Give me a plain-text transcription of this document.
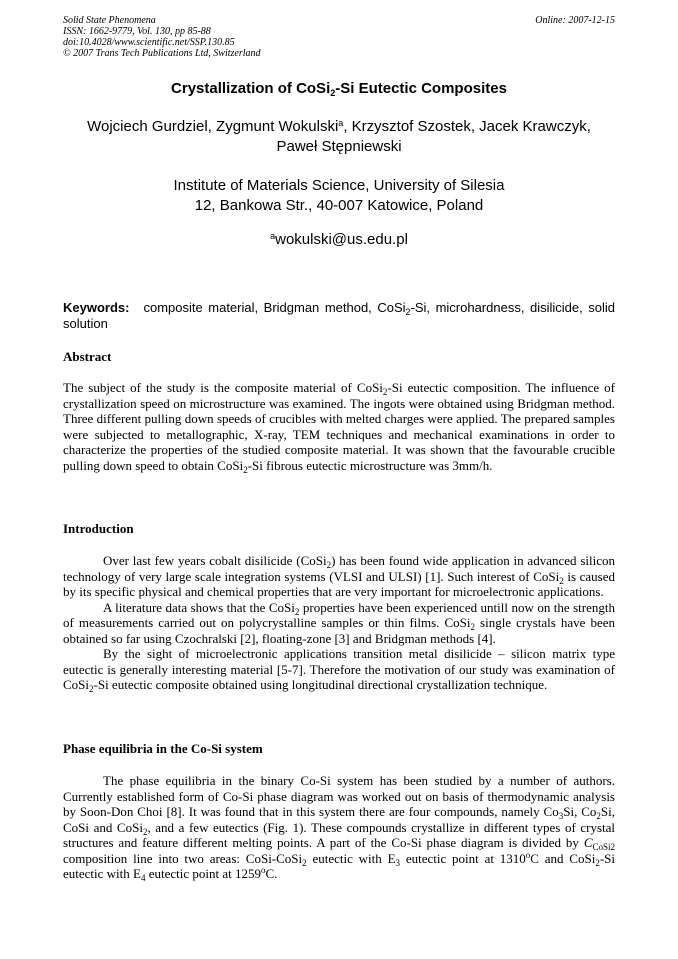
Solid State Phenomena
ISSN: 1662-9779, Vol. 130, pp 85-88
doi:10.4028/www.scientific.net/SSP.130.85
© 2007 Trans Tech Publications Ltd, Switzerland
Online: 2007-12-15
Crystallization of CoSi$_2$-Si Eutectic Composites
Wojciech Gurdziel, Zygmunt Wokulski$^a$, Krzysztof Szostek, Jacek Krawczyk,
Paweł Stępniewski
Institute of Materials Science, University of Silesia
12, Bankowa Str., 40-007 Katowice, Poland
$^a$wokulski@us.edu.pl
Keywords: composite material, Bridgman method, CoSi$_2$-Si, microhardness, disilicide, solid solution
Abstract

The subject of the study is the composite material of CoSi$_2$-Si eutectic composition. The influence of crystallization speed on microstructure was examined. The ingots were obtained using Bridgman method. Three different pulling down speeds of crucibles with melted charges were applied. The prepared samples were subjected to metallographic, X-ray, TEM techniques and mechanical examinations in order to characterize the properties of the studied composite material. It was shown that the favourable crucible pulling down speed to obtain CoSi$_2$-Si fibrous eutectic microstructure was 3mm/h.

Introduction

Over last few years cobalt disilicide (CoSi$_2$) has been found wide application in advanced silicon technology of very large scale integration systems (VLSI and ULSI) [1]. Such interest of CoSi$_2$ is caused by its specific physical and chemical properties that are very important for microelectronic applications.

A literature data shows that the CoSi$_2$ properties have been experienced untill now on the strength of measurements carried out on polycrystalline samples or thin films. CoSi$_2$ single crystals have been obtained so far using Czochralski [2], floating-zone [3] and Bridgman methods [4].

By the sight of microelectronic applications transition metal disilicide – silicon matrix type eutectic is generally interesting material [5-7]. Therefore the motivation of our study was examination of CoSi$_2$-Si eutectic composite obtained using longitudinal directional crystallization technique.

Phase equilibria in the Co-Si system

The phase equilibria in the binary Co-Si system has been studied by a number of authors. Currently established form of Co-Si phase diagram was worked out on basis of thermodynamic analysis by Soon-Don Choi [8]. It was found that in this system there are four compounds, namely $Co_3Si$, $Co_2Si$, CoSi and CoSi$_2$, and a few eutectics (Fig. 1). These compounds crystallize in different types of crystal structures and feature different melting points. A part of the Co-Si phase diagram is divided by $C_{CoSi2}$ composition line into two areas: CoSi-CoSi$_2$ eutectic with $E_3$ eutectic point at 1310$^o$C and CoSi$_2$-Si eutectic with $E_4$ eutectic point at 1259$^o$C.
